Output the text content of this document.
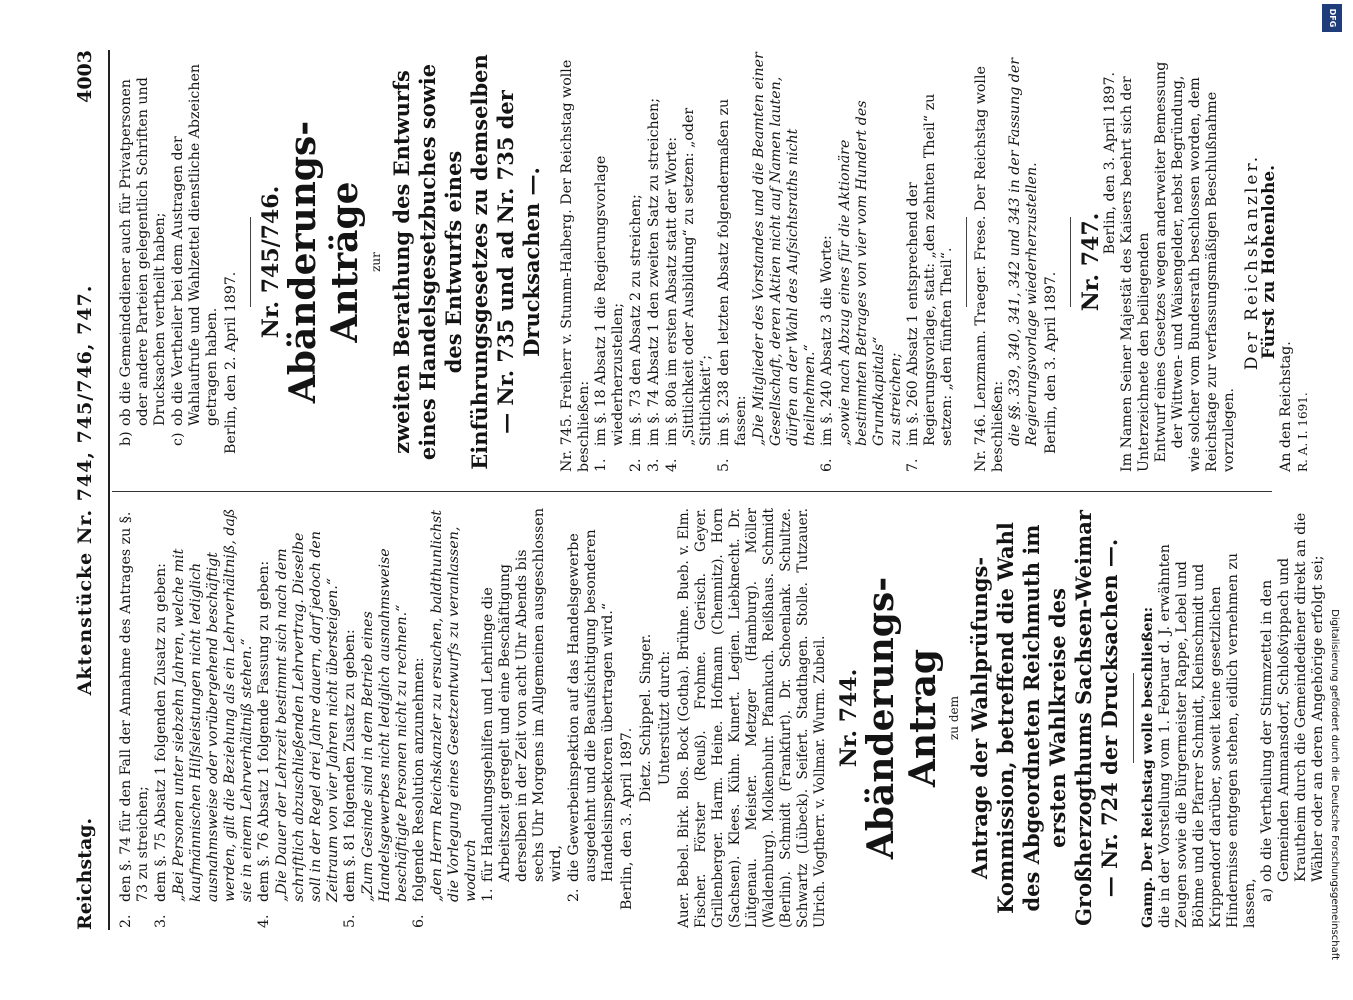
Reichstag.
Aktenstücke Nr. 744, 745/746, 747.
4003
2.
den §. 74 für den Fall der Annahme des Antrages zu §. 73 zu streichen;
3.
dem §. 75 Absatz 1 folgenden Zusatz zu geben: „Bei Personen unter siebzehn Jahren, welche mit kaufmännischen Hilfsleistungen nicht lediglich ausnahmsweise oder vorübergehend beschäftigt werden, gilt die Beziehung als ein Lehrverhältniß, daß sie in einem Lehrverhältniß stehen.“
4.
dem §. 76 Absatz 1 folgende Fassung zu geben: „Die Dauer der Lehrzeit bestimmt sich nach dem schriftlich abzuschließenden Lehrvertrag. Dieselbe soll in der Regel drei Jahre dauern, darf jedoch den Zeitraum von vier Jahren nicht übersteigen.“
5.
dem §. 81 folgenden Zusatz zu geben: „Zum Gesinde sind in dem Betrieb eines Handelsgewerbes nicht lediglich ausnahmsweise beschäftigte Personen nicht zu rechnen.“
6.
folgende Resolution anzunehmen: „den Herrn Reichskanzler zu ersuchen, baldthunlichst die Vorlegung eines Gesetzentwurfs zu veranlassen, wodurch 1.
für Handlungsgehilfen und Lehrlinge die Arbeitszeit geregelt und eine Beschäftigung derselben in der Zeit von acht Uhr Abends bis sechs Uhr Morgens im Allgemeinen ausgeschlossen wird,
2.
die Gewerbeinspektion auf das Handelsgewerbe ausgedehnt und die Beaufsichtigung besonderen Handelsinspektoren übertragen wird.“ Berlin, den 3. April 1897.
Dietz. Schippel. Singer. Unterstützt durch: Auer. Bebel. Birk. Blos. Bock (Gotha). Brühne. Bueb. v. Elm. Fischer. Förster (Reuß). Frohme. Gerisch. Geyer. Grillenberger. Harm. Heine. Hofmann (Chemnitz). Horn (Sachsen). Klees. Kühn. Kunert. Legien. Liebknecht. Dr. Lütgenau. Meister. Metzger (Hamburg). Möller (Waldenburg). Molkenbuhr. Pfannkuch. Reißhaus. Schmidt (Berlin). Schmidt (Frankfurt). Dr. Schoenlank. Schultze. Schwartz (Lübeck). Seifert. Stadthagen. Stolle. Tutzauer. Ulrich. Vogtherr. v. Vollmar. Wurm. Zubeil. Nr. 744.
Abänderungs-Antrag zu dem Antrage der Wahlprüfungs-Kommission, betreffend die Wahl des Abgeordneten Reichmuth im ersten Wahlkreise des Großherzogthums Sachsen-Weimar — Nr. 724 der Drucksachen —. Gamp. Der Reichstag wolle beschließen: die in der Vorstellung vom 1. Februar d. J. erwähnten Zeugen sowie die Bürgermeister Rappe, Lebel und Böhme und die Pfarrer Schmidt, Kleinschmidt und Krippendorf darüber, soweit keine gesetzlichen Hindernisse entgegen stehen, eidlich vernehmen zu lassen, a)
ob die Vertheilung der Stimmzettel in den Gemeinden Ammansdorf, Schloßvippach und Krautheim durch die Gemeindediener direkt an die Wähler oder an deren Angehörige erfolgt sei;
b)
ob die Gemeindediener auch für Privatpersonen oder andere Parteien gelegentlich Schriften und Drucksachen vertheilt haben;
c)
ob die Vertheiler bei dem Austragen der Wahlaufrufe und Wahlzettel dienstliche Abzeichen getragen haben. Berlin, den 2. April 1897.
Nr. 745/746.
Abänderungs-Anträge zur zweiten Berathung des Entwurfs eines Handelsgesetzbuches sowie des Entwurfs eines Einführungsgesetzes zu demselben — Nr. 735 und ad Nr. 735 der Drucksachen —. Nr. 745. Freiherr v. Stumm-Halberg. Der Reichstag wolle beschließen: 1.
im §. 18 Absatz 1 die Regierungsvorlage wiederherzustellen;
2.
im §. 73 den Absatz 2 zu streichen;
3.
im §. 74 Absatz 1 den zweiten Satz zu streichen;
4.
im §. 80a im ersten Absatz statt der Worte: „Sittlichkeit oder Ausbildung“ zu setzen: „oder Sittlichkeit“;
5.
im §. 238 den letzten Absatz folgendermaßen zu fassen: „Die Mitglieder des Vorstandes und die Beamten einer Gesellschaft, deren Aktien nicht auf Namen lauten, dürfen an der Wahl des Aufsichtsraths nicht theilnehmen.“
6.
im §. 240 Absatz 3 die Worte: „sowie nach Abzug eines für die Aktionäre bestimmten Betrages von vier vom Hundert des Grundkapitals“ zu streichen;
7.
im §. 260 Absatz 1 entsprechend der Regierungsvorlage, statt: „den zehnten Theil“ zu setzen: „den fünften Theil“. Nr. 746. Lenzmann. Traeger. Frese. Der Reichstag wolle beschließen: die §§. 339, 340, 341, 342 und 343 in der Fassung der Regierungsvorlage wiederherzustellen. Berlin, den 3. April 1897.
Nr. 747.
Berlin, den 3. April 1897. Im Namen Seiner Majestät des Kaisers beehrt sich der Unterzeichnete den beiliegenden Entwurf eines Gesetzes wegen anderweiter Bemessung der Wittwen- und Waisengelder, nebst Begründung, wie solcher vom Bundesrath beschlossen worden, dem Reichstage zur verfassungsmäßigen Beschlußnahme vorzulegen.
Der Reichskanzler.
Fürst zu Hohenlohe.
An den Reichstag. R. A. I. 1691.
DFG
Digitalisierung gefördert durch die Deutsche Forschungsgemeinschaft
